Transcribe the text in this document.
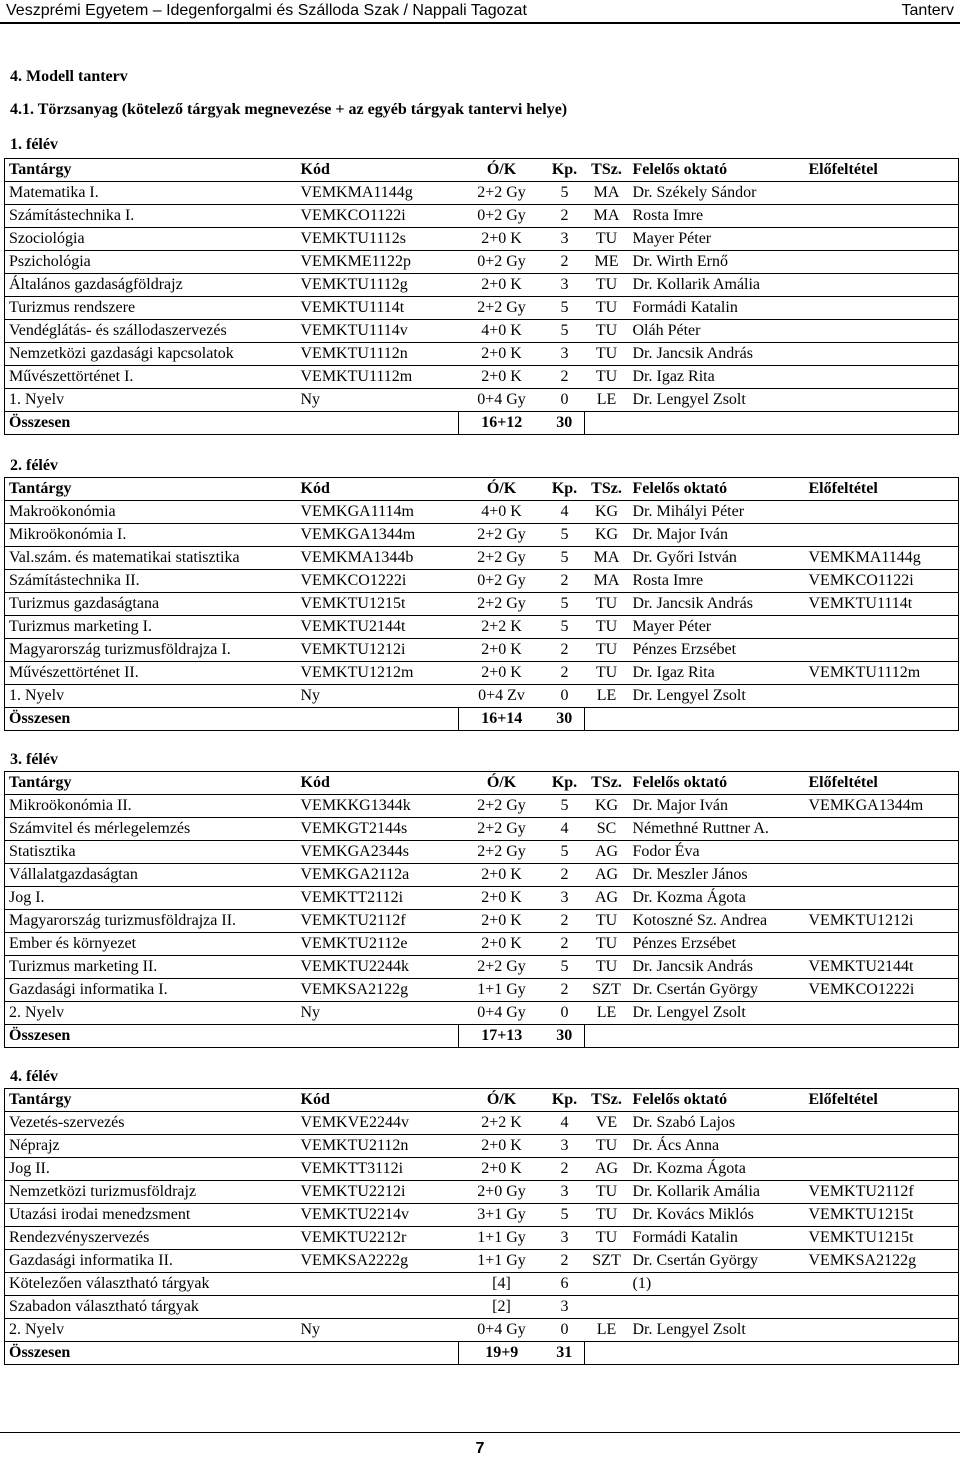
Veszprémi Egyetem – Idegenforgalmi és Szálloda Szak / Nappali Tagozat	Tanterv
4. Modell tanterv
4.1. Törzsanyag (kötelező tárgyak megnevezése + az egyéb tárgyak tantervi helye)
1. félév
Tantárgy	Kód	Ó/K	Kp.	TSz.	Felelős oktató	Előfeltétel
Matematika I.	VEMKMA1144g	2+2 Gy	5	MA	Dr. Székely Sándor	
Számítástechnika I.	VEMKCO1122i	0+2 Gy	2	MA	Rosta Imre	
Szociológia	VEMKTU1112s	2+0 K	3	TU	Mayer Péter	
Pszichológia	VEMKME1122p	0+2 Gy	2	ME	Dr. Wirth Ernő	
Általános gazdaságföldrajz	VEMKTU1112g	2+0 K	3	TU	Dr. Kollarik Amália	
Turizmus rendszere	VEMKTU1114t	2+2 Gy	5	TU	Formádi Katalin	
Vendéglátás- és szállodaszervezés	VEMKTU1114v	4+0 K	5	TU	Oláh Péter	
Nemzetközi gazdasági kapcsolatok	VEMKTU1112n	2+0 K	3	TU	Dr. Jancsik András	
Művészettörténet I.	VEMKTU1112m	2+0 K	2	TU	Dr. Igaz Rita	
1. Nyelv	Ny	0+4 Gy	0	LE	Dr. Lengyel Zsolt	
Összesen		16+12	30			
2. félév
Tantárgy	Kód	Ó/K	Kp.	TSz.	Felelős oktató	Előfeltétel
Makroökonómia	VEMKGA1114m	4+0 K	4	KG	Dr. Mihályi Péter	
Mikroökonómia I.	VEMKGA1344m	2+2 Gy	5	KG	Dr. Major Iván	
Val.szám. és matematikai statisztika	VEMKMA1344b	2+2 Gy	5	MA	Dr. Győri István	VEMKMA1144g
Számítástechnika II.	VEMKCO1222i	0+2 Gy	2	MA	Rosta Imre	VEMKCO1122i
Turizmus gazdaságtana	VEMKTU1215t	2+2 Gy	5	TU	Dr. Jancsik András	VEMKTU1114t
Turizmus marketing I.	VEMKTU2144t	2+2 K	5	TU	Mayer Péter	
Magyarország turizmusföldrajza I.	VEMKTU1212i	2+0 K	2	TU	Pénzes Erzsébet	
Művészettörténet II.	VEMKTU1212m	2+0 K	2	TU	Dr. Igaz Rita	VEMKTU1112m
1. Nyelv	Ny	0+4 Zv	0	LE	Dr. Lengyel Zsolt	
Összesen		16+14	30			
3. félév
Tantárgy	Kód	Ó/K	Kp.	TSz.	Felelős oktató	Előfeltétel
Mikroökonómia II.	VEMKKG1344k	2+2 Gy	5	KG	Dr. Major Iván	VEMKGA1344m
Számvitel és mérlegelemzés	VEMKGT2144s	2+2 Gy	4	SC	Némethné Ruttner A.	
Statisztika	VEMKGA2344s	2+2 Gy	5	AG	Fodor Éva	
Vállalatgazdaságtan	VEMKGA2112a	2+0 K	2	AG	Dr. Meszler János	
Jog I.	VEMKTT2112i	2+0 K	3	AG	Dr. Kozma Ágota	
Magyarország turizmusföldrajza II.	VEMKTU2112f	2+0 K	2	TU	Kotoszné Sz. Andrea	VEMKTU1212i
Ember és környezet	VEMKTU2112e	2+0 K	2	TU	Pénzes Erzsébet	
Turizmus marketing II.	VEMKTU2244k	2+2 Gy	5	TU	Dr. Jancsik András	VEMKTU2144t
Gazdasági informatika I.	VEMKSA2122g	1+1 Gy	2	SZT	Dr. Csertán György	VEMKCO1222i
2. Nyelv	Ny	0+4 Gy	0	LE	Dr. Lengyel Zsolt	
Összesen		17+13	30			
4. félév
Tantárgy	Kód	Ó/K	Kp.	TSz.	Felelős oktató	Előfeltétel
Vezetés-szervezés	VEMKVE2244v	2+2 K	4	VE	Dr. Szabó Lajos	
Néprajz	VEMKTU2112n	2+0 K	3	TU	Dr. Ács Anna	
Jog II.	VEMKTT3112i	2+0 K	2	AG	Dr. Kozma Ágota	
Nemzetközi turizmusföldrajz	VEMKTU2212i	2+0 Gy	3	TU	Dr. Kollarik Amália	VEMKTU2112f
Utazási irodai menedzsment	VEMKTU2214v	3+1 Gy	5	TU	Dr. Kovács Miklós	VEMKTU1215t
Rendezvényszervezés	VEMKTU2212r	1+1 Gy	3	TU	Formádi Katalin	VEMKTU1215t
Gazdasági informatika II.	VEMKSA2222g	1+1 Gy	2	SZT	Dr. Csertán György	VEMKSA2122g
Kötelezően választható tárgyak		[4]	6		(1)	
Szabadon választható tárgyak		[2]	3			
2. Nyelv	Ny	0+4 Gy	0	LE	Dr. Lengyel Zsolt	
Összesen		19+9	31			
7
